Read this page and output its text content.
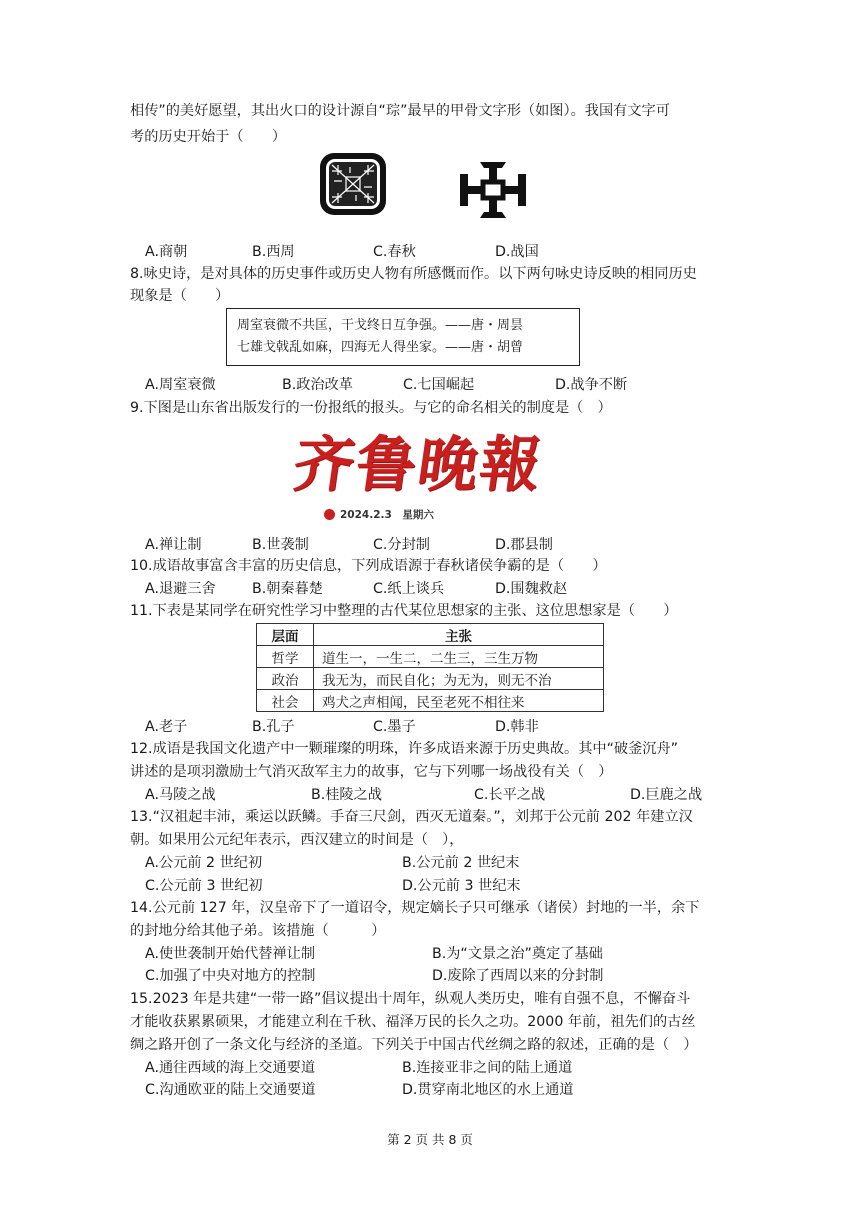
相传”的美好愿望，其出火口的设计源自“琮”最早的甲骨文字形（如图）。我国有文字可
考的历史开始于（　　）
A.商朝	B.西周	C.春秋	D.战国
8.咏史诗，是对具体的历史事件或历史人物有所感慨而作。以下两句咏史诗反映的相同历史
现象是（　　）
周室衰微不共匡，干戈终日互争强。——唐・周昙
七雄戈戟乱如麻，四海无人得坐家。——唐・胡曾
A.周室衰微	B.政治改革	C.七国崛起	D.战争不断
9.下图是山东省出版发行的一份报纸的报头。与它的命名相关的制度是（　）
齐鲁晚報
2024.2.3　星期六
A.禅让制	B.世袭制	C.分封制	D.郡县制
10.成语故事富含丰富的历史信息，下列成语源于春秋诸侯争霸的是（　　）
A.退避三舍	B.朝秦暮楚	C.纸上谈兵	D.围魏救赵
11.下表是某同学在研究性学习中整理的古代某位思想家的主张、这位思想家是（　　）
层面	主张
哲学	道生一，一生二，二生三，三生万物
政治	我无为，而民自化；为无为，则无不治
社会	鸡犬之声相闻，民至老死不相往来
A.老子	B.孔子	C.墨子	D.韩非
12.成语是我国文化遗产中一颗璀璨的明珠，许多成语来源于历史典故。其中“破釜沉舟”
讲述的是项羽激励士气消灭敌军主力的故事，它与下列哪一场战役有关（　）
A.马陵之战	B.桂陵之战	C.长平之战	D.巨鹿之战
13.“汉祖起丰沛，乘运以跃鳞。手奋三尺剑，西灭无道秦。”，刘邦于公元前 202 年建立汉
朝。如果用公元纪年表示，西汉建立的时间是（　），
A.公元前 2 世纪初	B.公元前 2 世纪末
C.公元前 3 世纪初	D.公元前 3 世纪末
14.公元前 127 年，汉皇帝下了一道诏令，规定嫡长子只可继承（诸侯）封地的一半，余下
的封地分给其他子弟。该措施（　　　）
A.使世袭制开始代替禅让制	B.为“文景之治”奠定了基础
C.加强了中央对地方的控制	D.废除了西周以来的分封制
15.2023 年是共建“一带一路”倡议提出十周年，纵观人类历史，唯有自强不息，不懈奋斗
才能收获累累硕果，才能建立利在千秋、福泽万民的长久之功。2000 年前，祖先们的古丝
绸之路开创了一条文化与经济的圣道。下列关于中国古代丝绸之路的叙述，正确的是（　）
A.通往西域的海上交通要道	B.连接亚非之间的陆上通道
C.沟通欧亚的陆上交通要道	D.贯穿南北地区的水上通道
第 2 页 共 8 页
